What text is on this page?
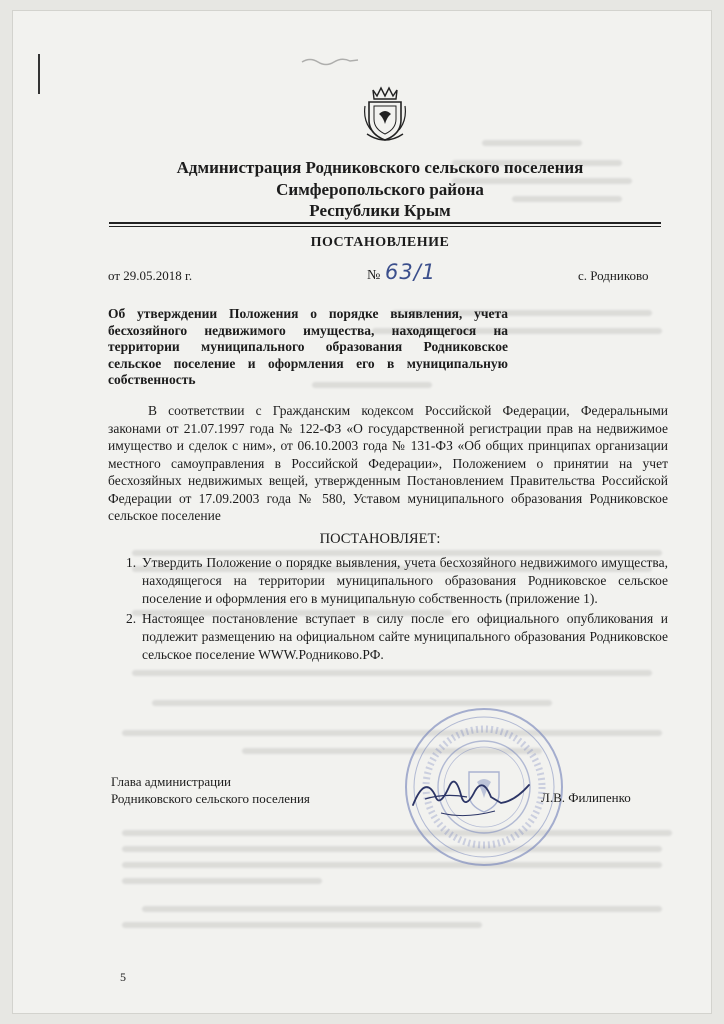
Администрация Родниковского сельского поселения
Симферопольского района
Республики Крым
ПОСТАНОВЛЕНИЕ
от 29.05.2018 г.	№ 63/1	с. Родниково
Об утверждении Положения о порядке выявления, учета бесхозяйного недвижимого имущества, находящегося на территории муниципального образования Родниковское сельское поселение и оформления его в муниципальную собственность
В соответствии с Гражданским кодексом Российской Федерации, Федеральными законами от 21.07.1997 года № 122-ФЗ «О государственной регистрации прав на недвижимое имущество и сделок с ним», от 06.10.2003 года № 131-ФЗ «Об общих принципах организации местного самоуправления в Российской Федерации», Положением о принятии на учет бесхозяйных недвижимых вещей, утвержденным Постановлением Правительства Российской Федерации от 17.09.2003 года № 580, Уставом муниципального образования Родниковское сельское поселение
ПОСТАНОВЛЯЕТ:
1. Утвердить Положение о порядке выявления, учета бесхозяйного недвижимого имущества, находящегося на территории муниципального образования Родниковское сельское поселение и оформления его в муниципальную собственность (приложение 1).
2. Настоящее постановление вступает в силу после его официального опубликования и подлежит размещению на официальном сайте муниципального образования Родниковское сельское поселение WWW.Родниково.РФ.
Глава администрации
Родниковского сельского поселения	Л.В. Филипенко
5
